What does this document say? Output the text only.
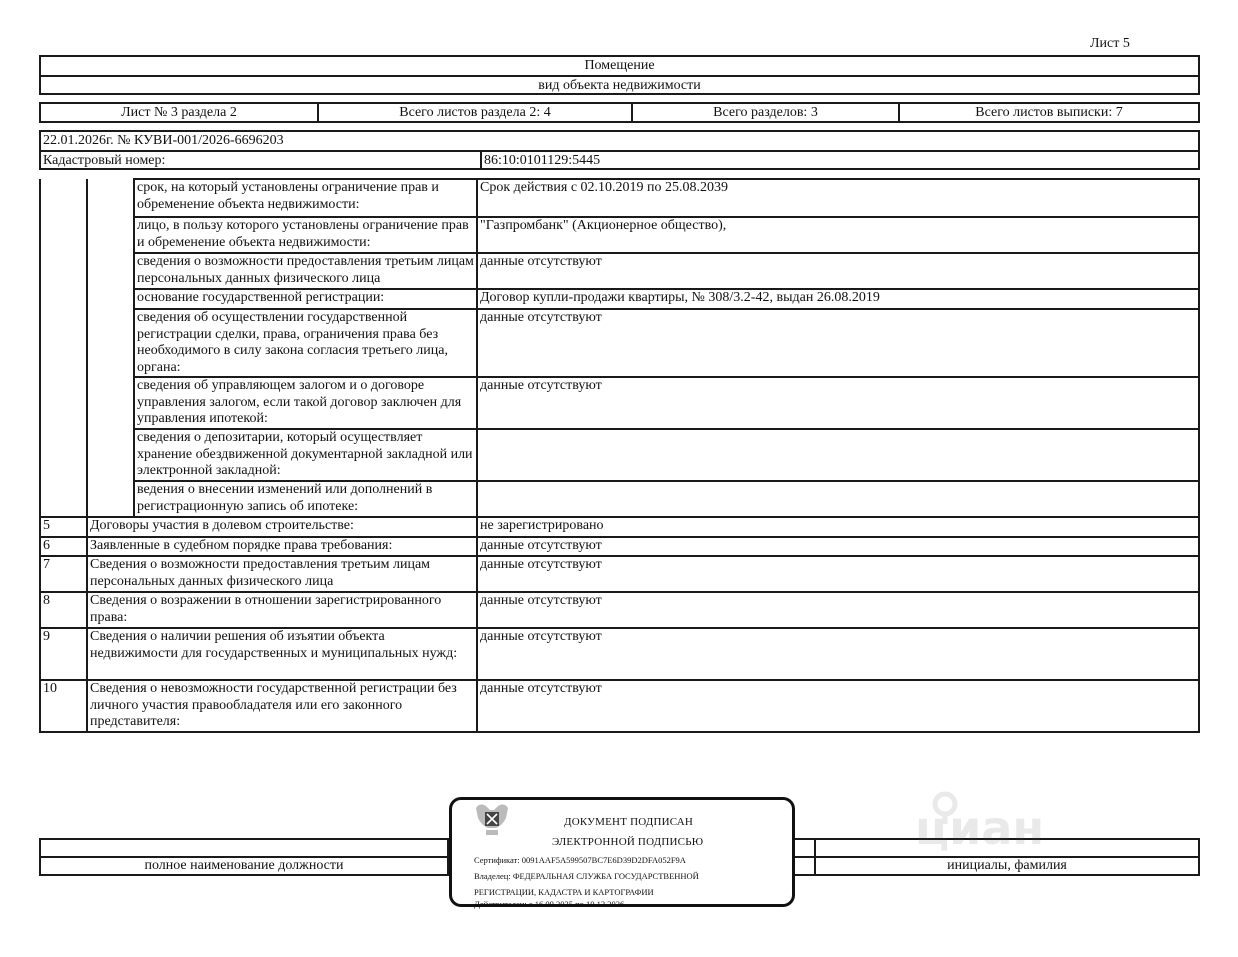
Лист 5
Помещение
вид объекта недвижимости
Лист № 3 раздела 2	Всего листов раздела 2: 4	Всего разделов: 3	Всего листов выписки: 7
22.01.2026г. № КУВИ-001/2026-6696203
Кадастровый номер:	86:10:0101129:5445
		срок, на который установлены ограничение прав и обременение объекта недвижимости:	Срок действия с 02.10.2019 по 25.08.2039
		лицо, в пользу которого установлены ограничение прав и обременение объекта недвижимости:	"Газпромбанк" (Акционерное общество),
		сведения о возможности предоставления третьим лицам персональных данных физического лица	данные отсутствуют
		основание государственной регистрации:	Договор купли-продажи квартиры, № 308/3.2-42, выдан 26.08.2019
		сведения об осуществлении государственной регистрации сделки, права, ограничения права без необходимого в силу закона согласия третьего лица, органа:	данные отсутствуют
		сведения об управляющем залогом и о договоре управления залогом, если такой договор заключен для управления ипотекой:	данные отсутствуют
		сведения о депозитарии, который осуществляет хранение обездвиженной документарной закладной или электронной закладной:	
		ведения о внесении изменений или дополнений в регистрационную запись об ипотеке:	
5	Договоры участия в долевом строительстве:		не зарегистрировано
6	Заявленные в судебном порядке права требования:		данные отсутствуют
7	Сведения о возможности предоставления третьим лицам персональных данных физического лица		данные отсутствуют
8	Сведения о возражении в отношении зарегистрированного права:		данные отсутствуют
9	Сведения о наличии решения об изъятии объекта недвижимости для государственных и муниципальных нужд:		данные отсутствуют
10	Сведения о невозможности государственной регистрации без личного участия правообладателя или его законного представителя:		данные отсутствуют

полное наименование должности		инициалы, фамилия
циан
ДОКУМЕНТ ПОДПИСАН
ЭЛЕКТРОННОЙ ПОДПИСЬЮ
Сертификат: 0091AAF5A599507BC7E6D39D2DFA052F9A
Владелец: ФЕДЕРАЛЬНАЯ СЛУЖБА ГОСУДАРСТВЕННОЙ
РЕГИСТРАЦИИ, КАДАСТРА И КАРТОГРАФИИ
Действителен: с 16.09.2025 по 10.12.2026
